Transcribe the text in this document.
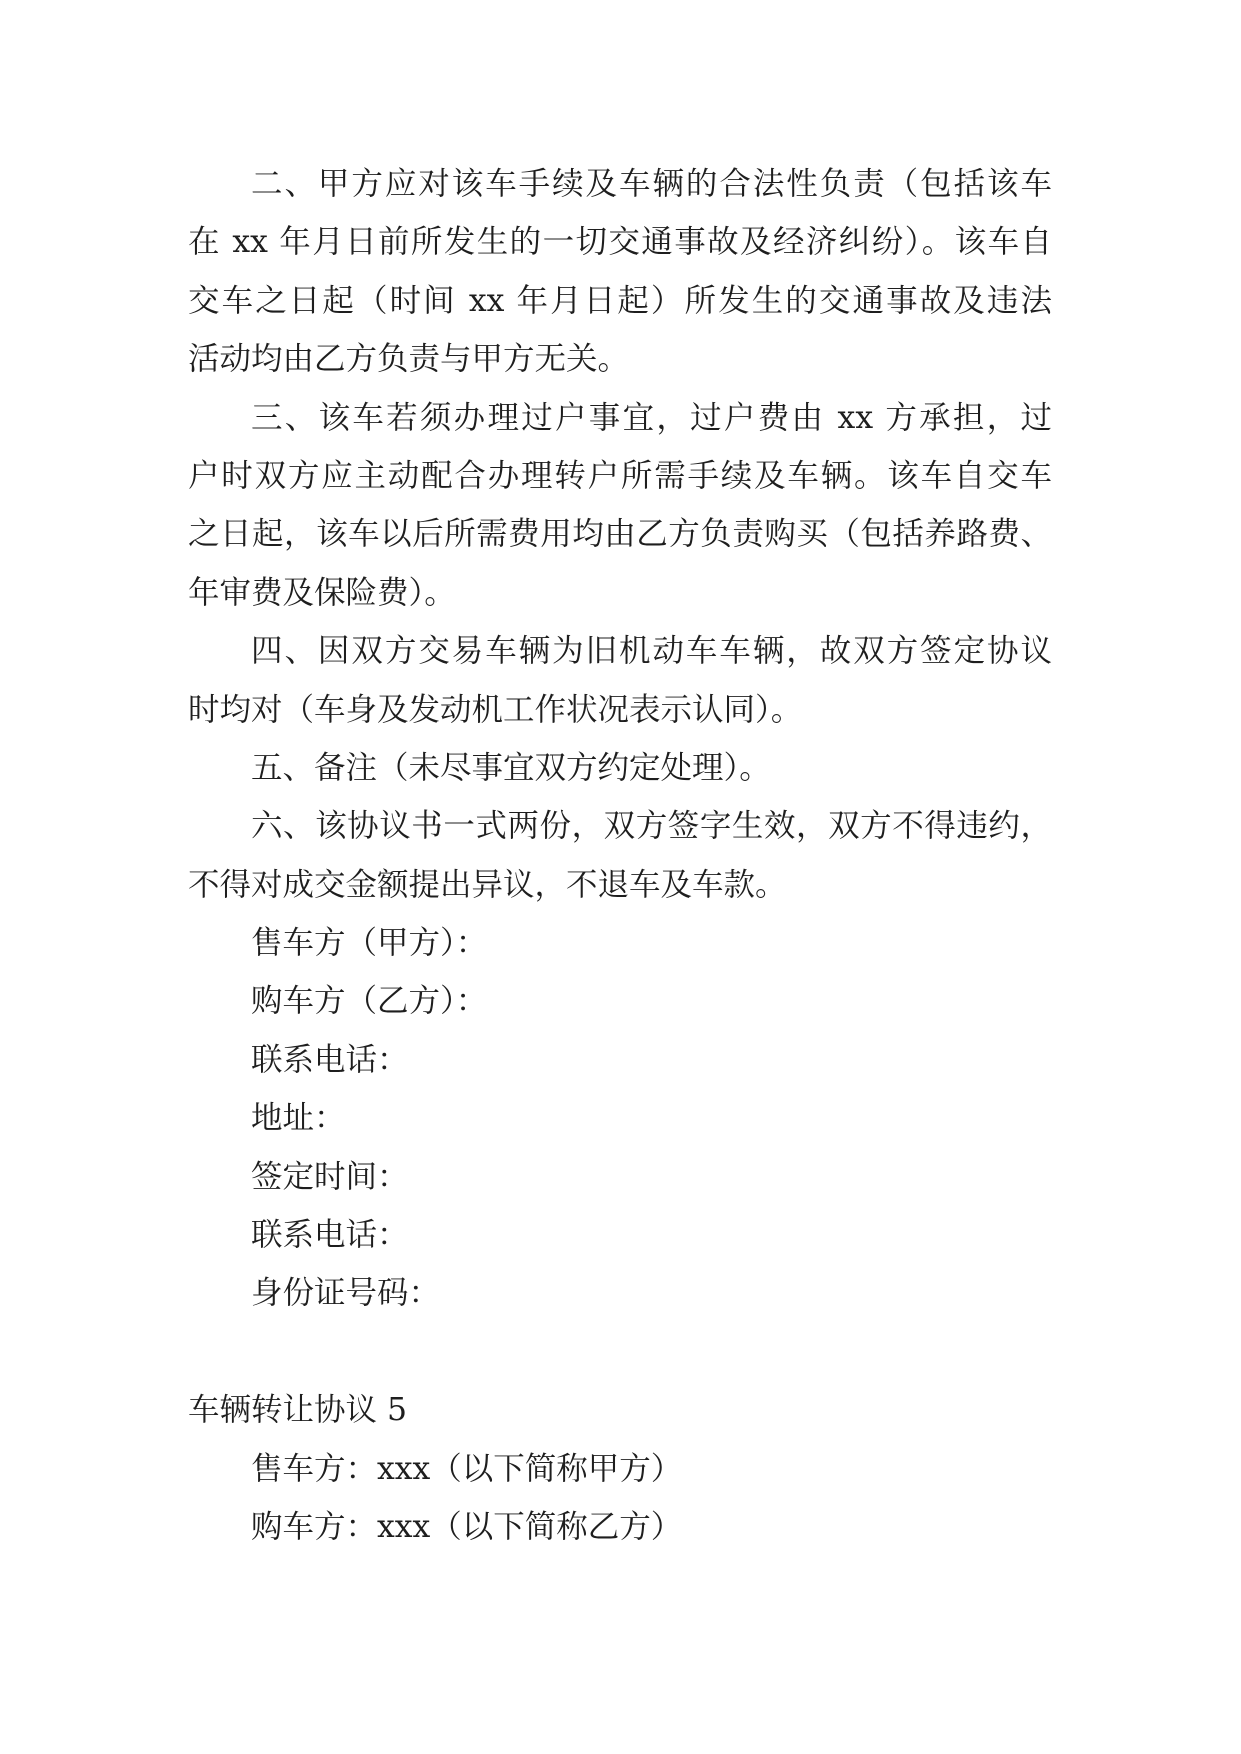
二、甲方应对该车手续及车辆的合法性负责（包括该车
在 xx 年月日前所发生的一切交通事故及经济纠纷）。该车自
交车之日起（时间 xx 年月日起）所发生的交通事故及违法
活动均由乙方负责与甲方无关。
三、该车若须办理过户事宜，过户费由 xx 方承担，过
户时双方应主动配合办理转户所需手续及车辆。该车自交车
之日起，该车以后所需费用均由乙方负责购买（包括养路费、
年审费及保险费）。
四、因双方交易车辆为旧机动车车辆，故双方签定协议
时均对（车身及发动机工作状况表示认同）。
五、备注（未尽事宜双方约定处理）。
六、该协议书一式两份，双方签字生效，双方不得违约，
不得对成交金额提出异议，不退车及车款。
售车方（甲方）：
购车方（乙方）：
联系电话：
地址：
签定时间：
联系电话：
身份证号码：
车辆转让协议 5
售车方：xxx（以下简称甲方）
购车方：xxx（以下简称乙方）
